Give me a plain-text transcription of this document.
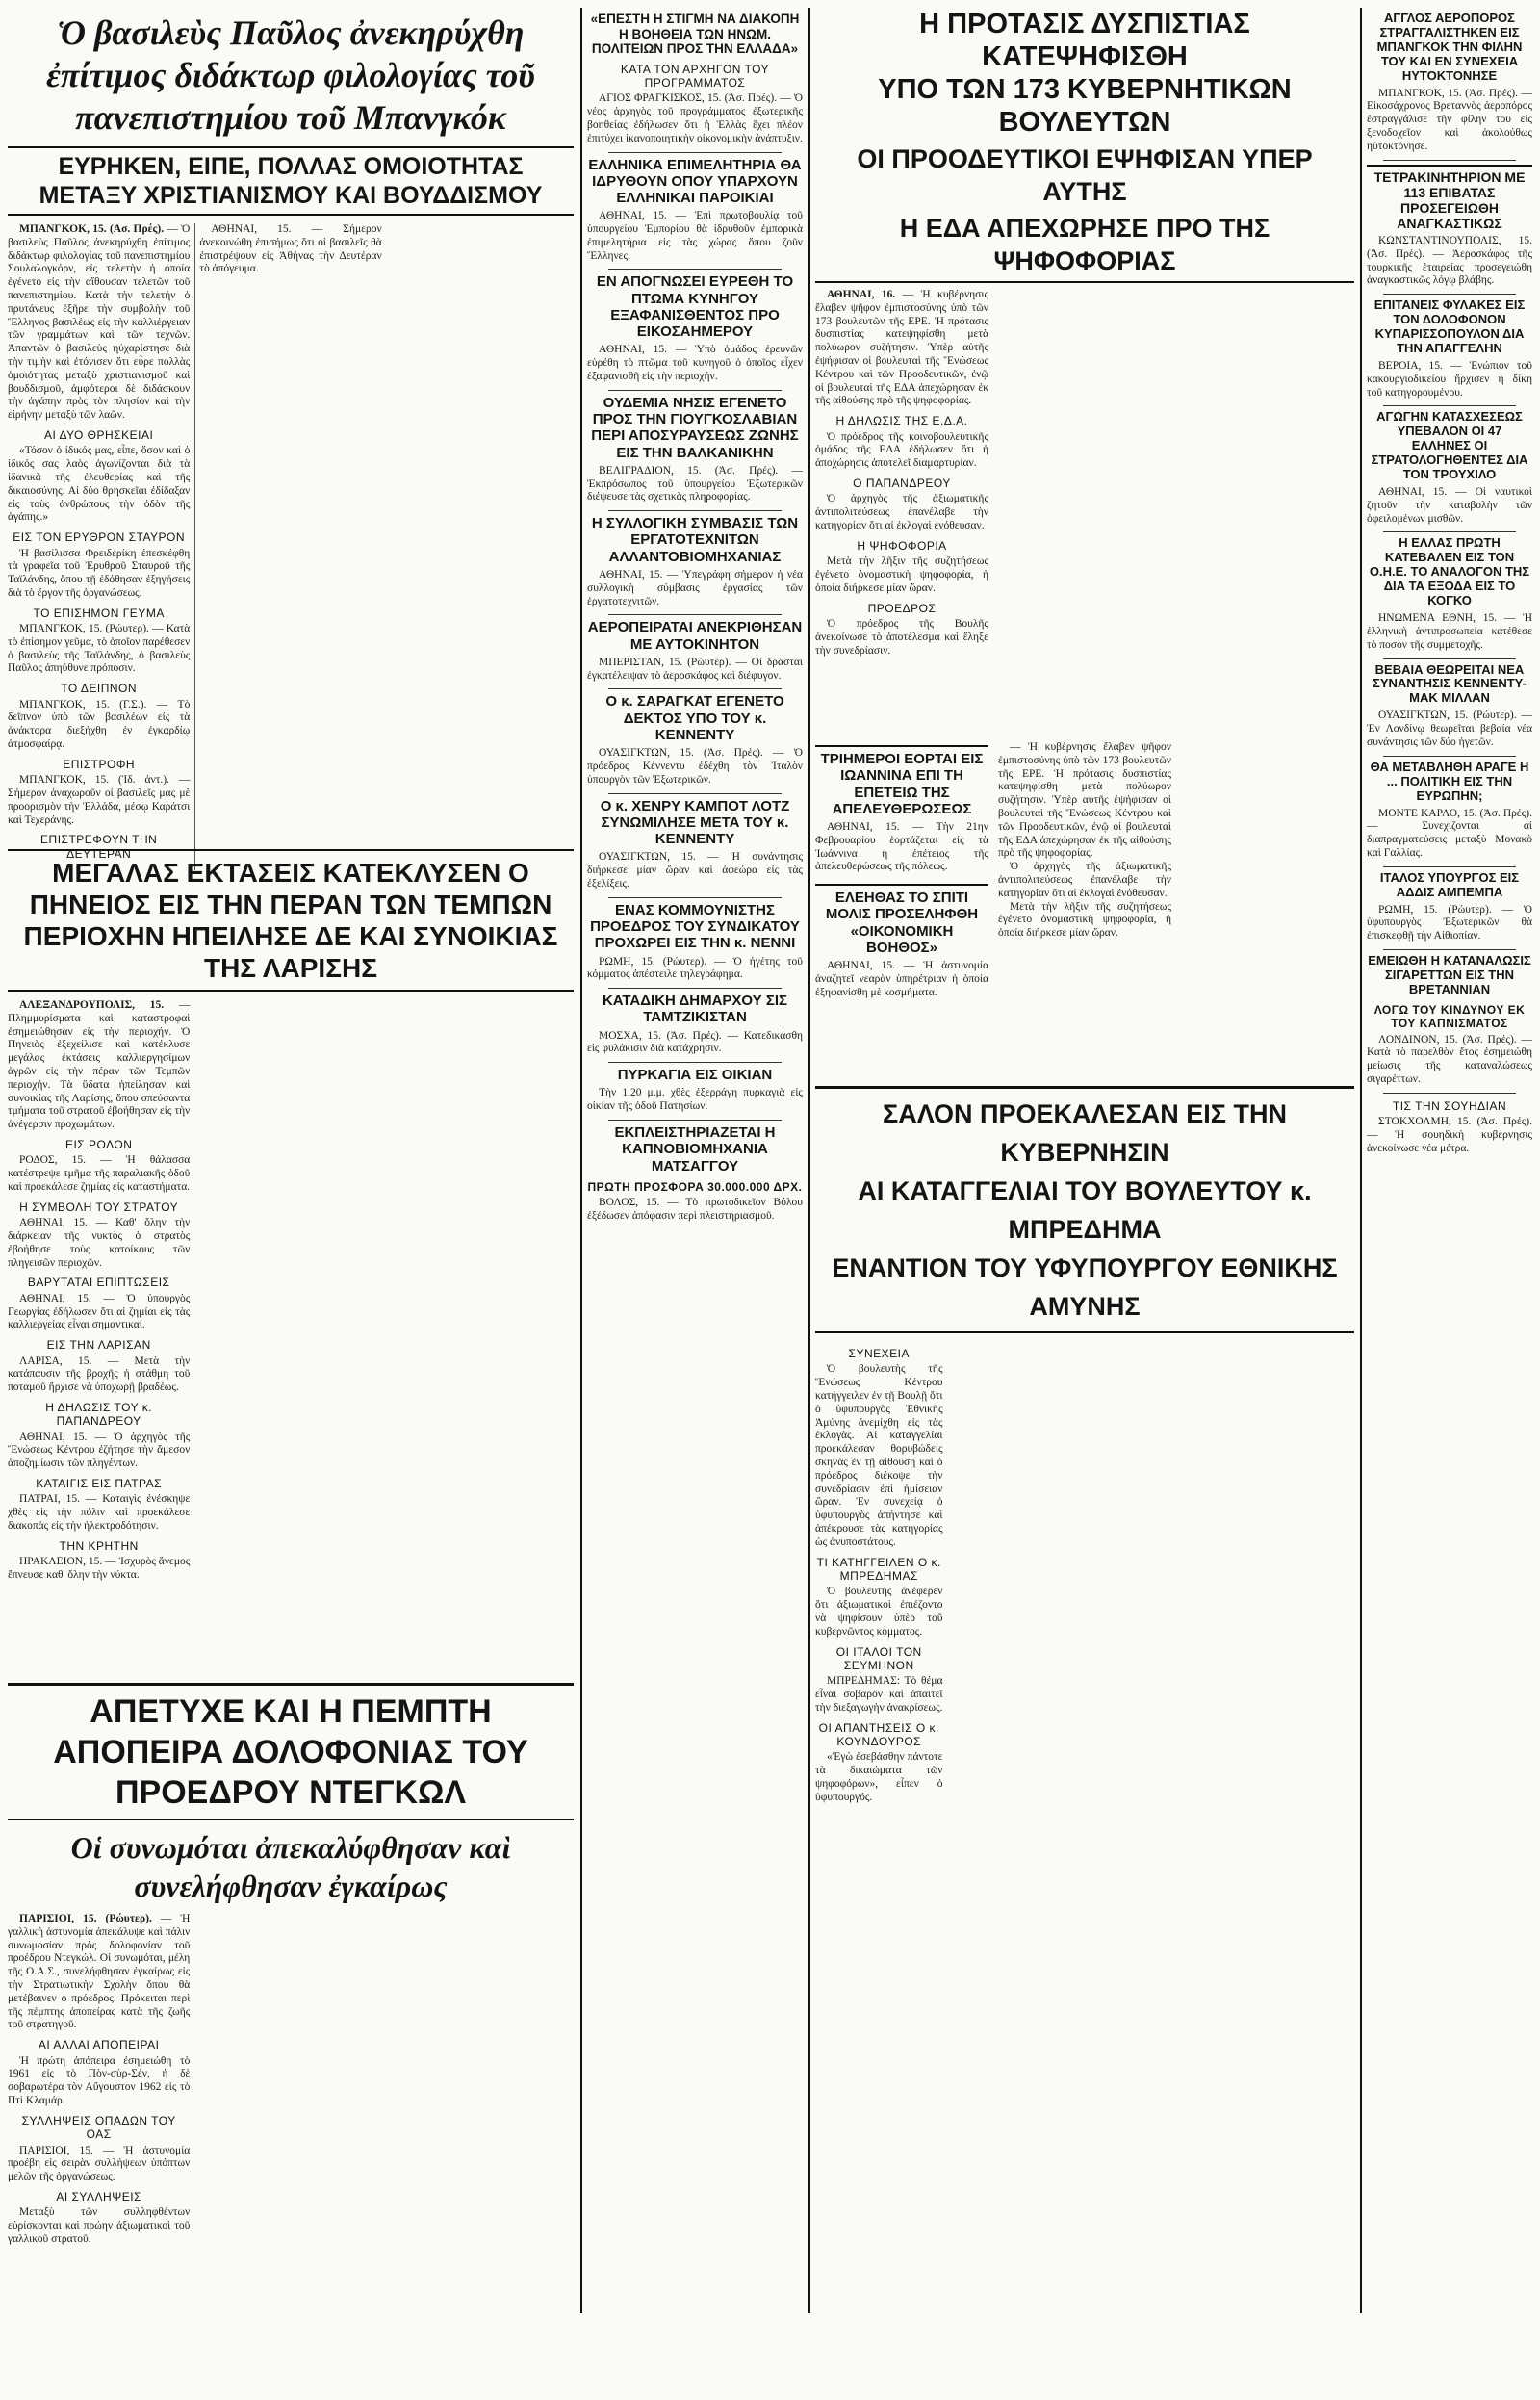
Ὁ βασιλεὺς Παῦλος ἀνεκηρύχθη ἐπίτιμος διδάκτωρ φιλολογίας τοῦ πανεπιστημίου τοῦ Μπανγκόκ
ΕΥΡΗΚΕΝ, ΕΙΠΕ, ΠΟΛΛΑΣ ΟΜΟΙΟΤΗΤΑΣ ΜΕΤΑΞΥ ΧΡΙΣΤΙΑΝΙΣΜΟΥ ΚΑΙ ΒΟΥΔΔΙΣΜΟΥ

ΜΠΑΝΓΚΟΚ, 15. (Ἀσ. Πρές). — Ὁ βασιλεὺς Παῦλος ἀνεκηρύχθη ἐπίτιμος διδάκτωρ φιλολογίας τοῦ πανεπιστημίου Σουλαλογκόρν, εἰς τελετὴν ἡ ὁποία ἐγένετο εἰς τὴν αἴθουσαν τελετῶν τοῦ πανεπιστημίου. Κατὰ τὴν τελετὴν ὁ πρυτάνευς ἐξῆρε τὴν συμβολὴν τοῦ Ἕλληνος βασιλέως εἰς τὴν καλλιέργειαν τῶν γραμμάτων καὶ τῶν τεχνῶν. Ἀπαντῶν ὁ βασιλεὺς ηὐχαρίστησε διὰ τὴν τιμὴν καὶ ἐτόνισεν ὅτι εὗρε πολλὰς ὁμοιότητας μεταξὺ χριστιανισμοῦ καὶ βουδδισμοῦ, ἀμφότεροι δὲ διδάσκουν τὴν ἀγάπην πρὸς τὸν πλησίον καὶ τὴν εἰρήνην μεταξὺ τῶν λαῶν.

ΑΙ ΔΥΟ ΘΡΗΣΚΕΙΑΙ

«Τόσον ὁ ἰδικός μας, εἶπε, ὅσον καὶ ὁ ἰδικός σας λαὸς ἀγωνίζονται διὰ τὰ ἰδανικὰ τῆς ἐλευθερίας καὶ τῆς δικαιοσύνης. Αἱ δύο θρησκεῖαι ἐδίδαξαν εἰς τοὺς ἀνθρώπους τὴν ὁδὸν τῆς ἀγάπης.»

ΕΙΣ ΤΟΝ ΕΡΥΘΡΟΝ ΣΤΑΥΡΟΝ

Ἡ βασίλισσα Φρειδερίκη ἐπεσκέφθη τὰ γραφεῖα τοῦ Ἐρυθροῦ Σταυροῦ τῆς Ταϊλάνδης, ὅπου τῇ ἐδόθησαν ἐξηγήσεις διὰ τὸ ἔργον τῆς ὀργανώσεως.

ΤΟ ΕΠΙΣΗΜΟΝ ΓΕΥΜΑ

ΜΠΑΝΓΚΟΚ, 15. (Ρώυτερ). — Κατὰ τὸ ἐπίσημον γεῦμα, τὸ ὁποῖον παρέθεσεν ὁ βασιλεὺς τῆς Ταϊλάνδης, ὁ βασιλεὺς Παῦλος ἀπηύθυνε πρόποσιν.

ΤΟ ΔΕΙΠΝΟΝ

ΜΠΑΝΓΚΟΚ, 15. (Γ.Σ.). — Τὸ δεῖπνον ὑπὸ τῶν βασιλέων εἰς τὰ ἀνάκτορα διεξήχθη ἐν ἐγκαρδίῳ ἀτμοσφαίρᾳ.

ΕΠΙΣΤΡΟΦΗ

ΜΠΑΝΓΚΟΚ, 15. (Ἰδ. ἀντ.). — Σήμερον ἀναχωροῦν οἱ βασιλεῖς μας μὲ προορισμὸν τὴν Ἑλλάδα, μέσῳ Καράτσι καὶ Τεχεράνης.

ΕΠΙΣΤΡΕΦΟΥΝ ΤΗΝ ΔΕΥΤΕΡΑΝ

ΑΘΗΝΑΙ, 15. — Σήμερον ἀνεκοινώθη ἐπισήμως ὅτι οἱ βασιλεῖς θὰ ἐπιστρέψουν εἰς Ἀθήνας τὴν Δευτέραν τὸ ἀπόγευμα.

ΜΕΓΑΛΑΣ ΕΚΤΑΣΕΙΣ ΚΑΤΕΚΛΥΣΕΝ Ο ΠΗΝΕΙΟΣ ΕΙΣ ΤΗΝ ΠΕΡΑΝ ΤΩΝ ΤΕΜΠΩΝ ΠΕΡΙΟΧΗΝ ΗΠΕΙΛΗΣΕ ΔΕ ΚΑΙ ΣΥΝΟΙΚΙΑΣ ΤΗΣ ΛΑΡΙΣΗΣ

ΑΛΕΞΑΝΔΡΟΥΠΟΛΙΣ, 15. — Πλημμυρίσματα καὶ καταστροφαὶ ἐσημειώθησαν εἰς τὴν περιοχήν. Ὁ Πηνειὸς ἐξεχείλισε καὶ κατέκλυσε μεγάλας ἐκτάσεις καλλιεργησίμων ἀγρῶν εἰς τὴν πέραν τῶν Τεμπῶν περιοχήν. Τὰ ὕδατα ἠπείλησαν καὶ συνοικίας τῆς Λαρίσης, ὅπου σπεύσαντα τμήματα τοῦ στρατοῦ ἐβοήθησαν εἰς τὴν ἀνέγερσιν προχωμάτων.

ΕΙΣ ΡΟΔΟΝ

ΡΟΔΟΣ, 15. — Ἡ θάλασσα κατέστρεψε τμῆμα τῆς παραλιακῆς ὁδοῦ καὶ προεκάλεσε ζημίας εἰς καταστήματα.

Η ΣΥΜΒΟΛΗ ΤΟΥ ΣΤΡΑΤΟΥ

ΑΘΗΝΑΙ, 15. — Καθ' ὅλην τὴν διάρκειαν τῆς νυκτὸς ὁ στρατὸς ἐβοήθησε τοὺς κατοίκους τῶν πληγεισῶν περιοχῶν.

ΒΑΡΥΤΑΤΑΙ ΕΠΙΠΤΩΣΕΙΣ

ΑΘΗΝΑΙ, 15. — Ὁ ὑπουργὸς Γεωργίας ἐδήλωσεν ὅτι αἱ ζημίαι εἰς τὰς καλλιεργείας εἶναι σημαντικαί.

ΕΙΣ ΤΗΝ ΛΑΡΙΣΑΝ

ΛΑΡΙΣΑ, 15. — Μετὰ τὴν κατάπαυσιν τῆς βροχῆς ἡ στάθμη τοῦ ποταμοῦ ἤρχισε νὰ ὑποχωρῇ βραδέως.

Η ΔΗΛΩΣΙΣ ΤΟΥ κ. ΠΑΠΑΝΔΡΕΟΥ

ΑΘΗΝΑΙ, 15. — Ὁ ἀρχηγὸς τῆς Ἕνώσεως Κέντρου ἐζήτησε τὴν ἄμεσον ἀποζημίωσιν τῶν πληγέντων.

ΚΑΤΑΙΓΙΣ ΕΙΣ ΠΑΤΡΑΣ

ΠΑΤΡΑΙ, 15. — Καταιγὶς ἐνέσκηψε χθὲς εἰς τὴν πόλιν καὶ προεκάλεσε διακοπὰς εἰς τὴν ἠλεκτροδότησιν.

ΤΗΝ ΚΡΗΤΗΝ

ΗΡΑΚΛΕΙΟΝ, 15. — Ἰσχυρὸς ἄνεμος ἔπνευσε καθ' ὅλην τὴν νύκτα.

ΑΠΕΤΥΧΕ ΚΑΙ Η ΠΕΜΠΤΗ ΑΠΟΠΕΙΡΑ ΔΟΛΟΦΟΝΙΑΣ ΤΟΥ ΠΡΟΕΔΡΟΥ ΝΤΕΓΚΩΛ
Οἱ συνωμόται ἀπεκαλύφθησαν καὶ συνελήφθησαν ἐγκαίρως

ΠΑΡΙΣΙΟΙ, 15. (Ρώυτερ). — Ἡ γαλλικὴ ἀστυνομία ἀπεκάλυψε καὶ πάλιν συνωμοσίαν πρὸς δολοφονίαν τοῦ προέδρου Ντεγκώλ. Οἱ συνωμόται, μέλη τῆς Ο.Α.Σ., συνελήφθησαν ἐγκαίρως εἰς τὴν Στρατιωτικὴν Σχολὴν ὅπου θὰ μετέβαινεν ὁ πρόεδρος. Πρόκειται περὶ τῆς πέμπτης ἀποπείρας κατὰ τῆς ζωῆς τοῦ στρατηγοῦ.

ΑΙ ΑΛΛΑΙ ΑΠΟΠΕΙΡΑΙ

Ἡ πρώτη ἀπόπειρα ἐσημειώθη τὸ 1961 εἰς τὸ Πὸν-σὺρ-Σέν, ἡ δὲ σοβαρωτέρα τὸν Αὔγουστον 1962 εἰς τὸ Πτὶ Κλαμάρ.

ΣΥΛΛΗΨΕΙΣ ΟΠΑΔΩΝ ΤΟΥ ΟΑΣ

ΠΑΡΙΣΙΟΙ, 15. — Ἡ ἀστυνομία προέβη εἰς σειρὰν συλλήψεων ὑπόπτων μελῶν τῆς ὀργανώσεως.

ΑΙ ΣΥΛΛΗΨΕΙΣ

Μεταξὺ τῶν συλληφθέντων εὑρίσκονται καὶ πρώην ἀξιωματικοὶ τοῦ γαλλικοῦ στρατοῦ.

«ΕΠΕΣΤΗ Η ΣΤΙΓΜΗ ΝΑ ΔΙΑΚΟΠΗ Η ΒΟΗΘΕΙΑ ΤΩΝ ΗΝΩΜ. ΠΟΛΙΤΕΙΩΝ ΠΡΟΣ ΤΗΝ ΕΛΛΑΔΑ»
ΚΑΤΑ ΤΟΝ ΑΡΧΗΓΟΝ ΤΟΥ ΠΡΟΓΡΑΜΜΑΤΟΣ

ΑΓΙΟΣ ΦΡΑΓΚΙΣΚΟΣ, 15. (Ἀσ. Πρές). — Ὁ νέος ἀρχηγὸς τοῦ προγράμματος ἐξωτερικῆς βοηθείας ἐδήλωσεν ὅτι ἡ Ἑλλὰς ἔχει πλέον ἐπιτύχει ἱκανοποιητικὴν οἰκονομικὴν ἀνάπτυξιν.

ΕΛΛΗΝΙΚΑ ΕΠΙΜΕΛΗΤΗΡΙΑ ΘΑ ΙΔΡΥΘΟΥΝ ΟΠΟΥ ΥΠΑΡΧΟΥΝ ΕΛΛΗΝΙΚΑΙ ΠΑΡΟΙΚΙΑΙ

ΑΘΗΝΑΙ, 15. — Ἐπὶ πρωτοβουλίᾳ τοῦ ὑπουργείου Ἐμπορίου θὰ ἱδρυθοῦν ἐμπορικὰ ἐπιμελητήρια εἰς τὰς χώρας ὅπου ζοῦν Ἕλληνες.

ΕΝ ΑΠΟΓΝΩΣΕΙ ΕΥΡΕΘΗ ΤΟ ΠΤΩΜΑ ΚΥΝΗΓΟΥ ΕΞΑΦΑΝΙΣΘΕΝΤΟΣ ΠΡΟ ΕΙΚΟΣΑΗΜΕΡΟΥ

ΑΘΗΝΑΙ, 15. — Ὑπὸ ὁμάδος ἐρευνῶν εὑρέθη τὸ πτῶμα τοῦ κυνηγοῦ ὁ ὁποῖος εἶχεν ἐξαφανισθῆ εἰς τὴν περιοχήν.

ΟΥΔΕΜΙΑ ΝΗΣΙΣ ΕΓΕΝΕΤΟ ΠΡΟΣ ΤΗΝ ΓΙΟΥΓΚΟΣΛΑΒΙΑΝ ΠΕΡΙ ΑΠΟΣΥΡΑΥΣΕΩΣ ΖΩΝΗΣ ΕΙΣ ΤΗΝ ΒΑΛΚΑΝΙΚΗΝ

ΒΕΛΙΓΡΑΔΙΟΝ, 15. (Ἀσ. Πρές). — Ἐκπρόσωπος τοῦ ὑπουργείου Ἐξωτερικῶν διέψευσε τὰς σχετικὰς πληροφορίας.

Η ΣΥΛΛΟΓΙΚΗ ΣΥΜΒΑΣΙΣ ΤΩΝ ΕΡΓΑΤΟΤΕΧΝΙΤΩΝ ΑΛΛΑΝΤΟΒΙΟΜΗΧΑΝΙΑΣ

ΑΘΗΝΑΙ, 15. — Ὑπεγράφη σήμερον ἡ νέα συλλογικὴ σύμβασις ἐργασίας τῶν ἐργατοτεχνιτῶν.

ΑΕΡΟΠΕΙΡΑΤΑΙ ΑΝΕΚΡΙΘΗΣΑΝ ΜΕ ΑΥΤΟΚΙΝΗΤΟΝ

ΜΠΕΡΙΣΤΑΝ, 15. (Ρώυτερ). — Οἱ δράσται ἐγκατέλειψαν τὸ ἀεροσκάφος καὶ διέφυγον.

Ο κ. ΣΑΡΑΓΚΑΤ ΕΓΕΝΕΤΟ ΔΕΚΤΟΣ ΥΠΟ ΤΟΥ κ. ΚΕΝΝΕΝΤΥ

ΟΥΑΣΙΓΚΤΩΝ, 15. (Ἀσ. Πρές). — Ὁ πρόεδρος Κέννεντυ ἐδέχθη τὸν Ἰταλὸν ὑπουργὸν τῶν Ἐξωτερικῶν.

Ο κ. ΧΕΝΡΥ ΚΑΜΠΟΤ ΛΟΤΖ ΣΥΝΩΜΙΛΗΣΕ ΜΕΤΑ ΤΟΥ κ. ΚΕΝΝΕΝΤΥ

ΟΥΑΣΙΓΚΤΩΝ, 15. — Ἡ συνάντησις διήρκεσε μίαν ὥραν καὶ ἀφεώρα εἰς τὰς ἐξελίξεις.

ΕΝΑΣ ΚΟΜΜΟΥΝΙΣΤΗΣ ΠΡΟΕΔΡΟΣ ΤΟΥ ΣΥΝΔΙΚΑΤΟΥ ΠΡΟΧΩΡΕΙ ΕΙΣ ΤΗΝ κ. ΝΕΝΝΙ

ΡΩΜΗ, 15. (Ρώυτερ). — Ὁ ἡγέτης τοῦ κόμματος ἀπέστειλε τηλεγράφημα.

ΚΑΤΑΔΙΚΗ ΔΗΜΑΡΧΟΥ ΣΙΣ ΤΑΜΤΖΙΚΙΣΤΑΝ

ΜΟΣΧΑ, 15. (Ἀσ. Πρές). — Κατεδικάσθη εἰς φυλάκισιν διὰ κατάχρησιν.

ΠΥΡΚΑΓΙΑ ΕΙΣ ΟΙΚΙΑΝ

Τὴν 1.20 μ.μ. χθὲς ἐξερράγη πυρκαγιὰ εἰς οἰκίαν τῆς ὁδοῦ Πατησίων.

ΕΚΠΛΕΙΣΤΗΡΙΑΖΕΤΑΙ Η ΚΑΠΝΟΒΙΟΜΗΧΑΝΙΑ ΜΑΤΣΑΓΓΟΥ
ΠΡΩΤΗ ΠΡΟΣΦΟΡΑ 30.000.000 ΔΡΧ.

ΒΟΛΟΣ, 15. — Τὸ πρωτοδικεῖον Βόλου ἐξέδωσεν ἀπόφασιν περὶ πλειστηριασμοῦ.

Η ΠΡΟΤΑΣΙΣ ΔΥΣΠΙΣΤΙΑΣ ΚΑΤΕΨΗΦΙΣΘΗ
ΥΠΟ ΤΩΝ 173 ΚΥΒΕΡΝΗΤΙΚΩΝ ΒΟΥΛΕΥΤΩΝ
ΟΙ ΠΡΟΟΔΕΥΤΙΚΟΙ ΕΨΗΦΙΣΑΝ ΥΠΕΡ ΑΥΤΗΣ
Η ΕΔΑ ΑΠΕΧΩΡΗΣΕ ΠΡΟ ΤΗΣ ΨΗΦΟΦΟΡΙΑΣ

ΑΘΗΝΑΙ, 16. — Ἡ κυβέρνησις ἔλαβεν ψῆφον ἐμπιστοσύνης ὑπὸ τῶν 173 βουλευτῶν τῆς ΕΡΕ. Ἡ πρότασις δυσπιστίας κατεψηφίσθη μετὰ πολύωρον συζήτησιν. Ὑπὲρ αὐτῆς ἐψήφισαν οἱ βουλευταὶ τῆς Ἕνώσεως Κέντρου καὶ τῶν Προοδευτικῶν, ἐνῷ οἱ βουλευταὶ τῆς ΕΔΑ ἀπεχώρησαν ἐκ τῆς αἰθούσης πρὸ τῆς ψηφοφορίας.

Η ΔΗΛΩΣΙΣ ΤΗΣ Ε.Δ.Α.

Ὁ πρόεδρος τῆς κοινοβουλευτικῆς ὁμάδος τῆς ΕΔΑ ἐδήλωσεν ὅτι ἡ ἀποχώρησις ἀποτελεῖ διαμαρτυρίαν.

Ο ΠΑΠΑΝΔΡΕΟΥ

Ὁ ἀρχηγὸς τῆς ἀξιωματικῆς ἀντιπολιτεύσεως ἐπανέλαβε τὴν κατηγορίαν ὅτι αἱ ἐκλογαὶ ἐνόθευσαν.

Η ΨΗΦΟΦΟΡΙΑ

Μετὰ τὴν λῆξιν τῆς συζητήσεως ἐγένετο ὀνομαστικὴ ψηφοφορία, ἡ ὁποία διήρκεσε μίαν ὥραν.

ΠΡΟΕΔΡΟΣ

Ὁ πρόεδρος τῆς Βουλῆς ἀνεκοίνωσε τὸ ἀποτέλεσμα καὶ ἔληξε τὴν συνεδρίασιν.

ΤΡΙΗΜΕΡΟΙ ΕΟΡΤΑΙ ΕΙΣ ΙΩΑΝΝΙΝΑ ΕΠΙ ΤΗ ΕΠΕΤΕΙΩ ΤΗΣ ΑΠΕΛΕΥΘΕΡΩΣΕΩΣ

ΑΘΗΝΑΙ, 15. — Τὴν 21ην Φεβρουαρίου ἑορτάζεται εἰς τὰ Ἰωάννινα ἡ ἐπέτειος τῆς ἀπελευθερώσεως τῆς πόλεως.

ΕΛΕΗΘΑΣ ΤΟ ΣΠΙΤΙ ΜΟΛΙΣ ΠΡΟΣΕΛΗΦΘΗ «ΟΙΚΟΝΟΜΙΚΗ ΒΟΗΘΟΣ»

ΑΘΗΝΑΙ, 15. — Ἡ ἀστυνομία ἀναζητεῖ νεαρὰν ὑπηρέτριαν ἡ ὁποία ἐξηφανίσθη μὲ κοσμήματα.

— Ἡ κυβέρνησις ἔλαβεν ψῆφον ἐμπιστοσύνης ὑπὸ τῶν 173 βουλευτῶν τῆς ΕΡΕ. Ἡ πρότασις δυσπιστίας κατεψηφίσθη μετὰ πολύωρον συζήτησιν. Ὑπὲρ αὐτῆς ἐψήφισαν οἱ βουλευταὶ τῆς Ἕνώσεως Κέντρου καὶ τῶν Προοδευτικῶν, ἐνῷ οἱ βουλευταὶ τῆς ΕΔΑ ἀπεχώρησαν ἐκ τῆς αἰθούσης πρὸ τῆς ψηφοφορίας.

Ὁ ἀρχηγὸς τῆς ἀξιωματικῆς ἀντιπολιτεύσεως ἐπανέλαβε τὴν κατηγορίαν ὅτι αἱ ἐκλογαὶ ἐνόθευσαν.

Μετὰ τὴν λῆξιν τῆς συζητήσεως ἐγένετο ὀνομαστικὴ ψηφοφορία, ἡ ὁποία διήρκεσε μίαν ὥραν.

ΣΑΛΟΝ ΠΡΟΕΚΑΛΕΣΑΝ ΕΙΣ ΤΗΝ ΚΥΒΕΡΝΗΣΙΝ
ΑΙ ΚΑΤΑΓΓΕΛΙΑΙ ΤΟΥ ΒΟΥΛΕΥΤΟΥ κ. ΜΠΡΕΔΗΜΑ
ΕΝΑΝΤΙΟΝ ΤΟΥ ΥΦΥΠΟΥΡΓΟΥ ΕΘΝΙΚΗΣ ΑΜΥΝΗΣ
ΣΥΝΕΧΕΙΑ

Ὁ βουλευτὴς τῆς Ἕνώσεως Κέντρου κατήγγειλεν ἐν τῇ Βουλῇ ὅτι ὁ ὑφυπουργὸς Ἐθνικῆς Ἀμύνης ἀνεμίχθη εἰς τὰς ἐκλογὰς. Αἱ καταγγελίαι προεκάλεσαν θορυβώδεις σκηνὰς ἐν τῇ αἰθούσῃ καὶ ὁ πρόεδρος διέκοψε τὴν συνεδρίασιν ἐπὶ ἡμίσειαν ὥραν. Ἐν συνεχείᾳ ὁ ὑφυπουργὸς ἀπήντησε καὶ ἀπέκρουσε τὰς κατηγορίας ὡς ἀνυποστάτους.

ΤΙ ΚΑΤΗΓΓΕΙΛΕΝ Ο κ. ΜΠΡΕΔΗΜΑΣ

Ὁ βουλευτὴς ἀνέφερεν ὅτι ἀξιωματικοὶ ἐπιέζοντο νὰ ψηφίσουν ὑπὲρ τοῦ κυβερνῶντος κόμματος.

ΟΙ ΙΤΑΛΟΙ ΤΟΝ ΣΕΥΜΗΝΟΝ

ΜΠΡΕΔΗΜΑΣ: Τὸ θέμα εἶναι σοβαρὸν καὶ ἀπαιτεῖ τὴν διεξαγωγὴν ἀνακρίσεως.

ΟΙ ΑΠΑΝΤΗΣΕΙΣ Ο κ. ΚΟΥΝΔΟΥΡΟΣ

«Ἐγὼ ἐσεβάσθην πάντοτε τὰ δικαιώματα τῶν ψηφοφόρων», εἶπεν ὁ ὑφυπουργός.

ΑΓΓΛΟΣ ΑΕΡΟΠΟΡΟΣ ΣΤΡΑΓΓΑΛΙΣΤΗΚΕΝ ΕΙΣ ΜΠΑΝΓΚΟΚ ΤΗΝ ΦΙΛΗΝ ΤΟΥ ΚΑΙ ΕΝ ΣΥΝΕΧΕΙΑ ΗΥΤΟΚΤΟΝΗΣΕ

ΜΠΑΝΓΚΟΚ, 15. (Ἀσ. Πρές). — Εἰκοσάχρονος Βρεταννὸς ἀεροπόρος ἐστραγγάλισε τὴν φίλην του εἰς ξενοδοχεῖον καὶ ἀκολούθως ηὐτοκτόνησε.

ΤΕΤΡΑΚΙΝΗΤΗΡΙΟΝ ΜΕ 113 ΕΠΙΒΑΤΑΣ ΠΡΟΣΕΓΕΙΩΘΗ ΑΝΑΓΚΑΣΤΙΚΩΣ

ΚΩΝΣΤΑΝΤΙΝΟΥΠΟΛΙΣ, 15. (Ἀσ. Πρές). — Ἀεροσκάφος τῆς τουρκικῆς ἑταιρείας προσεγειώθη ἀναγκαστικῶς λόγῳ βλάβης.

ΕΠΙΤΑΝΕΙΣ ΦΥΛΑΚΕΣ ΕΙΣ ΤΟΝ ΔΟΛΟΦΟΝΟΝ ΚΥΠΑΡΙΣΣΟΠΟΥΛΟΝ ΔΙΑ ΤΗΝ ΑΠΑΓΓΕΛΗΝ

ΒΕΡΟΙΑ, 15. — Ἐνώπιον τοῦ κακουργιοδικείου ἤρχισεν ἡ δίκη τοῦ κατηγορουμένου.

ΑΓΩΓΗΝ ΚΑΤΑΣΧΕΣΕΩΣ ΥΠΕΒΑΛΟΝ ΟΙ 47 ΕΛΛΗΝΕΣ ΟΙ ΣΤΡΑΤΟΛΟΓΗΘΕΝΤΕΣ ΔΙΑ ΤΟΝ ΤΡΟΥΧΙΛΟ

ΑΘΗΝΑΙ, 15. — Οἱ ναυτικοὶ ζητοῦν τὴν καταβολὴν τῶν ὀφειλομένων μισθῶν.

Η ΕΛΛΑΣ ΠΡΩΤΗ ΚΑΤΕΒΑΛΕΝ ΕΙΣ ΤΟΝ Ο.Η.Ε. ΤΟ ΑΝΑΛΟΓΟΝ ΤΗΣ ΔΙΑ ΤΑ ΕΞΟΔΑ ΕΙΣ ΤΟ ΚΟΓΚΟ

ΗΝΩΜΕΝΑ ΕΘΝΗ, 15. — Ἡ ἑλληνικὴ ἀντιπροσωπεία κατέθεσε τὸ ποσὸν τῆς συμμετοχῆς.

ΒΕΒΑΙΑ ΘΕΩΡΕΙΤΑΙ ΝΕΑ ΣΥΝΑΝΤΗΣΙΣ ΚΕΝΝΕΝΤΥ-ΜΑΚ ΜΙΛΛΑΝ

ΟΥΑΣΙΓΚΤΩΝ, 15. (Ρώυτερ). — Ἐν Λονδίνῳ θεωρεῖται βεβαία νέα συνάντησις τῶν δύο ἡγετῶν.

ΘΑ ΜΕΤΑΒΛΗΘΗ ΑΡΑΓΕ Η ... ΠΟΛΙΤΙΚΗ ΕΙΣ ΤΗΝ ΕΥΡΩΠΗΝ;

ΜΟΝΤΕ ΚΑΡΛΟ, 15. (Ἀσ. Πρές). — Συνεχίζονται αἱ διαπραγματεύσεις μεταξὺ Μονακὸ καὶ Γαλλίας.

ΙΤΑΛΟΣ ΥΠΟΥΡΓΟΣ ΕΙΣ ΑΔΔΙΣ ΑΜΠΕΜΠΑ

ΡΩΜΗ, 15. (Ρώυτερ). — Ὁ ὑφυπουργὸς Ἐξωτερικῶν θὰ ἐπισκεφθῇ τὴν Αἰθιοπίαν.

ΕΜΕΙΩΘΗ Η ΚΑΤΑΝΑΛΩΣΙΣ ΣΙΓΑΡΕΤΤΩΝ ΕΙΣ ΤΗΝ ΒΡΕΤΑΝΝΙΑΝ
ΛΟΓΩ ΤΟΥ ΚΙΝΔΥΝΟΥ ΕΚ ΤΟΥ ΚΑΠΝΙΣΜΑΤΟΣ

ΛΟΝΔΙΝΟΝ, 15. (Ἀσ. Πρές). — Κατὰ τὸ παρελθὸν ἔτος ἐσημειώθη μείωσις τῆς καταναλώσεως σιγαρέττων.

ΤΙΣ ΤΗΝ ΣΟΥΗΔΙΑΝ

ΣΤΟΚΧΟΛΜΗ, 15. (Ἀσ. Πρές). — Ἡ σουηδικὴ κυβέρνησις ἀνεκοίνωσε νέα μέτρα.
